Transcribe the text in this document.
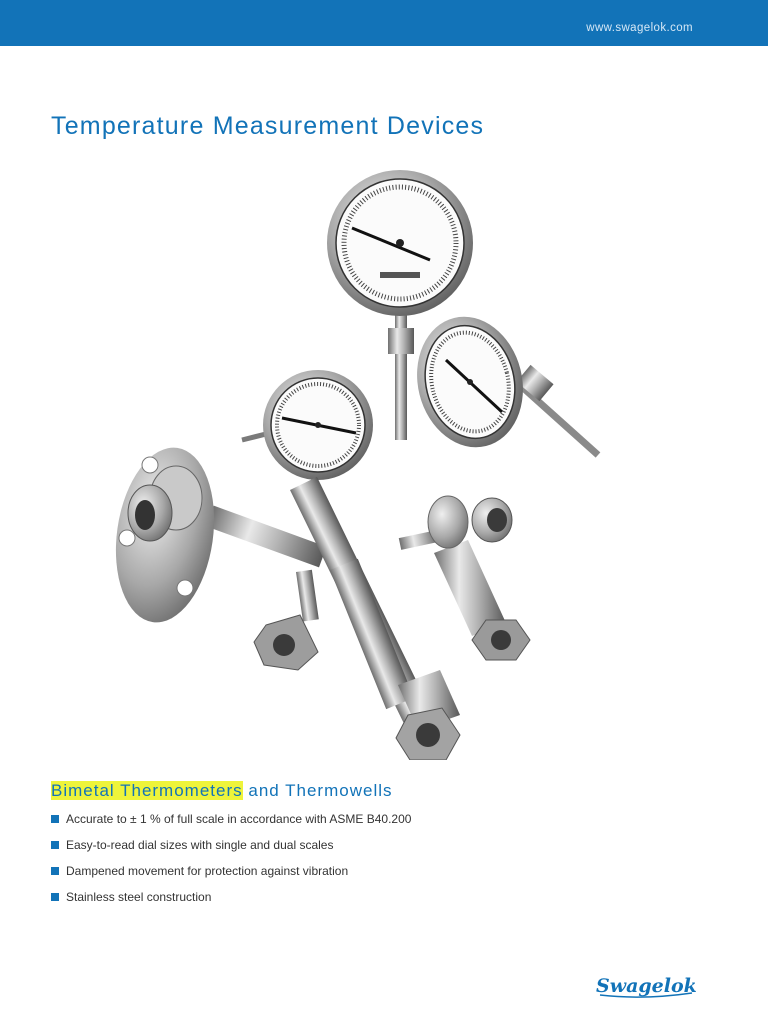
www.swagelok.com
Temperature Measurement Devices
Bimetal Thermometers and Thermowells
Accurate to ± 1 % of full scale in accordance with ASME B40.200
Easy-to-read dial sizes with single and dual scales
Dampened movement for protection against vibration
Stainless steel construction
Swagelok
